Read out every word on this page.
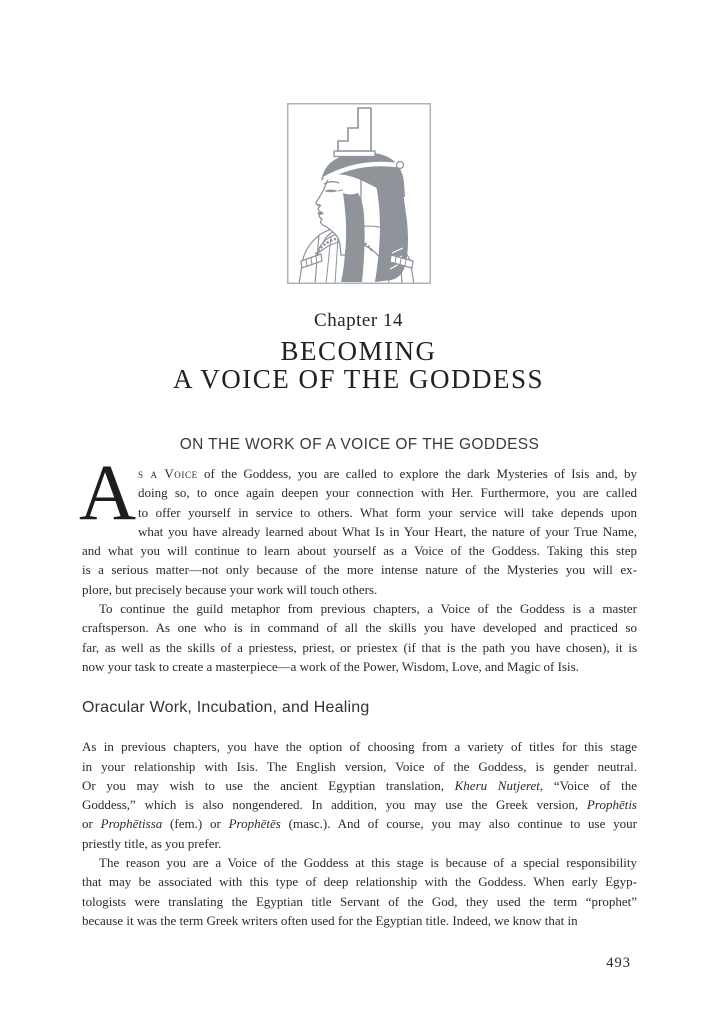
Chapter 14
BECOMING
A VOICE OF THE GODDESS
ON THE WORK OF A VOICE OF THE GODDESS
A s a Voice of the Goddess, you are called to explore the dark Mysteries of Isis and, by
doing so, to once again deepen your connection with Her. Furthermore, you are called
to offer yourself in service to others. What form your service will take depends upon
what you have already learned about What Is in Your Heart, the nature of your True Name,
and what you will continue to learn about yourself as a Voice of the Goddess. Taking this step
is a serious matter—not only because of the more intense nature of the Mysteries you will ex-
plore, but precisely because your work will touch others.
To continue the guild metaphor from previous chapters, a Voice of the Goddess is a master
craftsperson. As one who is in command of all the skills you have developed and practiced so
far, as well as the skills of a priestess, priest, or priestex (if that is the path you have chosen), it is
now your task to create a masterpiece—a work of the Power, Wisdom, Love, and Magic of Isis.
Oracular Work, Incubation, and Healing
As in previous chapters, you have the option of choosing from a variety of titles for this stage
in your relationship with Isis. The English version, Voice of the Goddess, is gender neutral.
Or you may wish to use the ancient Egyptian translation, Kheru Nutjeret, “Voice of the
Goddess,” which is also nongendered. In addition, you may use the Greek version, Prophētis
or Prophētissa (fem.) or Prophētēs (masc.). And of course, you may also continue to use your
priestly title, as you prefer.
The reason you are a Voice of the Goddess at this stage is because of a special responsibility
that may be associated with this type of deep relationship with the Goddess. When early Egyp-
tologists were translating the Egyptian title Servant of the God, they used the term “prophet”
because it was the term Greek writers often used for the Egyptian title. Indeed, we know that in
493
